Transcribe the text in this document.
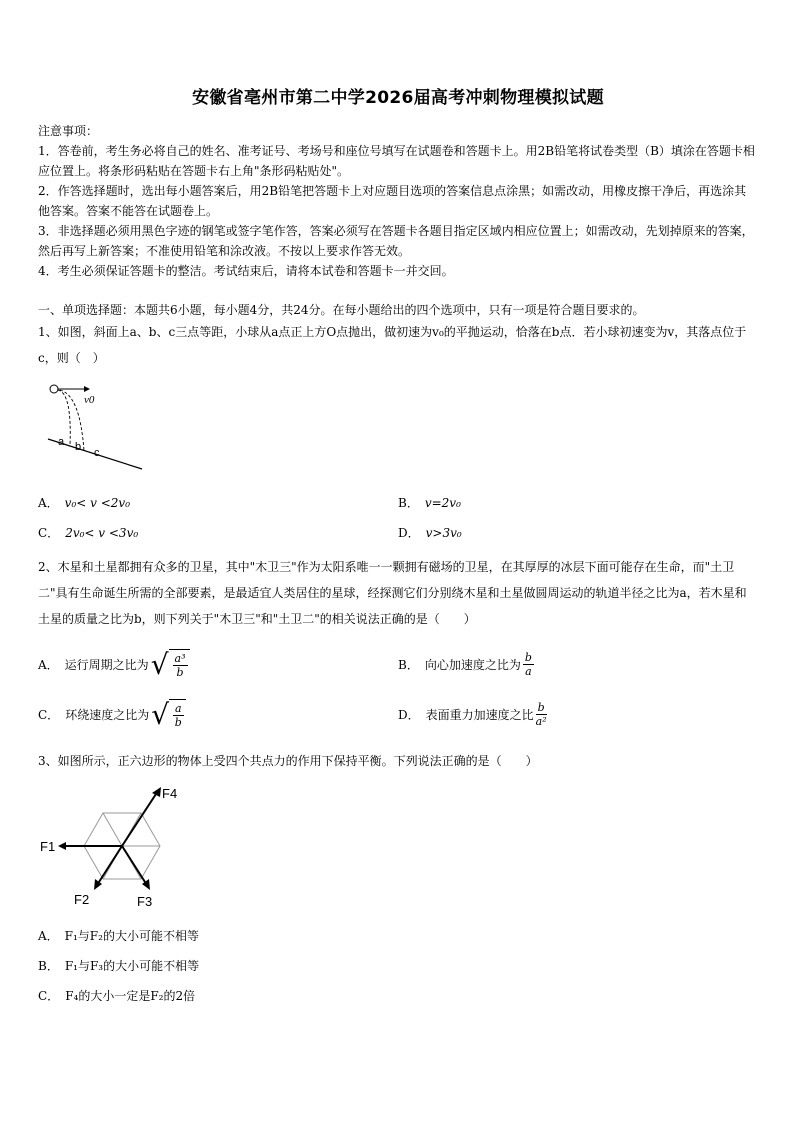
安徽省亳州市第二中学2026届高考冲刺物理模拟试题
注意事项：
1．答卷前，考生务必将自己的姓名、准考证号、考场号和座位号填写在试题卷和答题卡上。用2B铅笔将试卷类型（B）填涂在答题卡相应位置上。将条形码粘贴在答题卡右上角"条形码粘贴处"。
2．作答选择题时，选出每小题答案后，用2B铅笔把答题卡上对应题目选项的答案信息点涂黑；如需改动，用橡皮擦干净后，再选涂其他答案。答案不能答在试题卷上。
3．非选择题必须用黑色字迹的钢笔或签字笔作答，答案必须写在答题卡各题目指定区域内相应位置上；如需改动，先划掉原来的答案，然后再写上新答案；不准使用铅笔和涂改液。不按以上要求作答无效。
4．考生必须保证答题卡的整洁。考试结束后，请将本试卷和答题卡一并交回。
一、单项选择题：本题共6小题，每小题4分，共24分。在每小题给出的四个选项中，只有一项是符合题目要求的。
1、如图，斜面上a、b、c三点等距，小球从a点正上方O点抛出，做初速为v₀的平抛运动，恰落在b点．若小球初速变为v，其落点位于c，则（　）
v0
a b c
A． v₀< v <2v₀	B． v=2v₀
C． 2v₀< v <3v₀	D． v>3v₀
2、木星和土星都拥有众多的卫星，其中"木卫三"作为太阳系唯一一颗拥有磁场的卫星，在其厚厚的冰层下面可能存在生命，而"土卫二"具有生命诞生所需的全部要素，是最适宜人类居住的星球，经探测它们分别绕木星和土星做圆周运动的轨道半径之比为a，若木星和土星的质量之比为b，则下列关于"木卫三"和"土卫二"的相关说法正确的是（　　）
A． 运行周期之比为 √ $\frac{\text{a³}}{b}$	B． 向心加速度之比为 $\frac{b}{a}$
C． 环绕速度之比为 √ $\frac{a}{b}$	D． 表面重力加速度之比 $\frac{b}{\text{a²}}$
3、如图所示，正六边形的物体上受四个共点力的作用下保持平衡。下列说法正确的是（　　）
F1
F2	F3
F4
A． F₁与F₂的大小可能不相等
B． F₁与F₃的大小可能不相等
C． F₄的大小一定是F₂的2倍
